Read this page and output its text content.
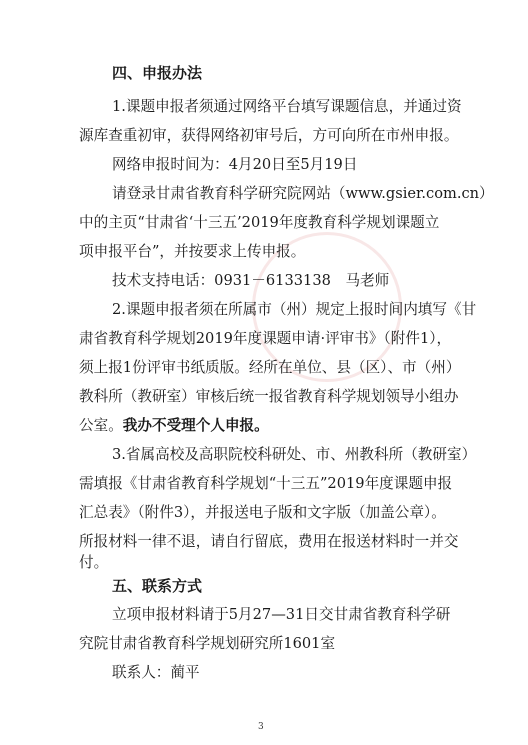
四、申报办法
1.课题申报者须通过网络平台填写课题信息，并通过资
源库查重初审，获得网络初审号后，方可向所在市州申报。
网络申报时间为：4月20日至5月19日
请登录甘肃省教育科学研究院网站（www.gsier.com.cn）
中的主页“甘肃省‘十三五’2019年度教育科学规划课题立
项申报平台”，并按要求上传申报。
技术支持电话：0931－6133138　马老师
2.课题申报者须在所属市（州）规定上报时间内填写《甘
肃省教育科学规划2019年度课题申请·评审书》（附件1），
须上报1份评审书纸质版。经所在单位、县（区）、市（州）
教科所（教研室）审核后统一报省教育科学规划领导小组办
公室。我办不受理个人申报。
3.省属高校及高职院校科研处、市、州教科所（教研室）
需填报《甘肃省教育科学规划“十三五”2019年度课题申报
汇总表》（附件3），并报送电子版和文字版（加盖公章）。
所报材料一律不退，请自行留底，费用在报送材料时一并交
付。
五、联系方式
立项申报材料请于5月27—31日交甘肃省教育科学研
究院甘肃省教育科学规划研究所1601室
联系人：蔺平
3
